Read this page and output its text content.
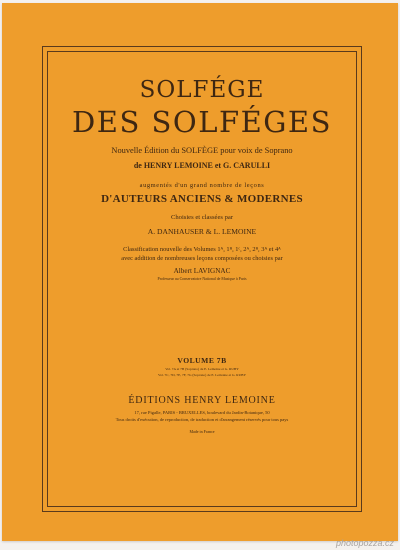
SOLFÉGE
DES SOLFÉGES
Nouvelle Édition du SOLFÈGE pour voix de Soprano
de HENRY LEMOINE et G. CARULLI
augmentés d'un grand nombre de leçons
D'AUTEURS ANCIENS & MODERNES
Choisies et classées par
A. DANHAUSER & L. LEMOINE
Classification nouvelle des Volumes 1ᴬ, 1ᴮ, 1ᶜ, 2ᴬ, 2ᴮ, 3ᴬ et 4ᴬ
avec addition de nombreuses leçons composées ou choisies par
Albert LAVIGNAC
Professeur au Conservatoire National de Musique à Paris
VOLUME 7B
Vol. 7A et 7B (Soprano) de E. Lemoine et G. RUBY
Vol. 7C, 7D, 7E, 7F, 7G (Soprano) de E. Lemoine et G. RUBY
ÉDITIONS HENRY LEMOINE
17, rue Pigalle, PARIS - BRUXELLES, boulevard du Jardin-Botanique, 50
Tous droits d'exécution, de reproduction, de traduction et d'arrangement réservés pour tous pays
Made in France
photopozza.cz
